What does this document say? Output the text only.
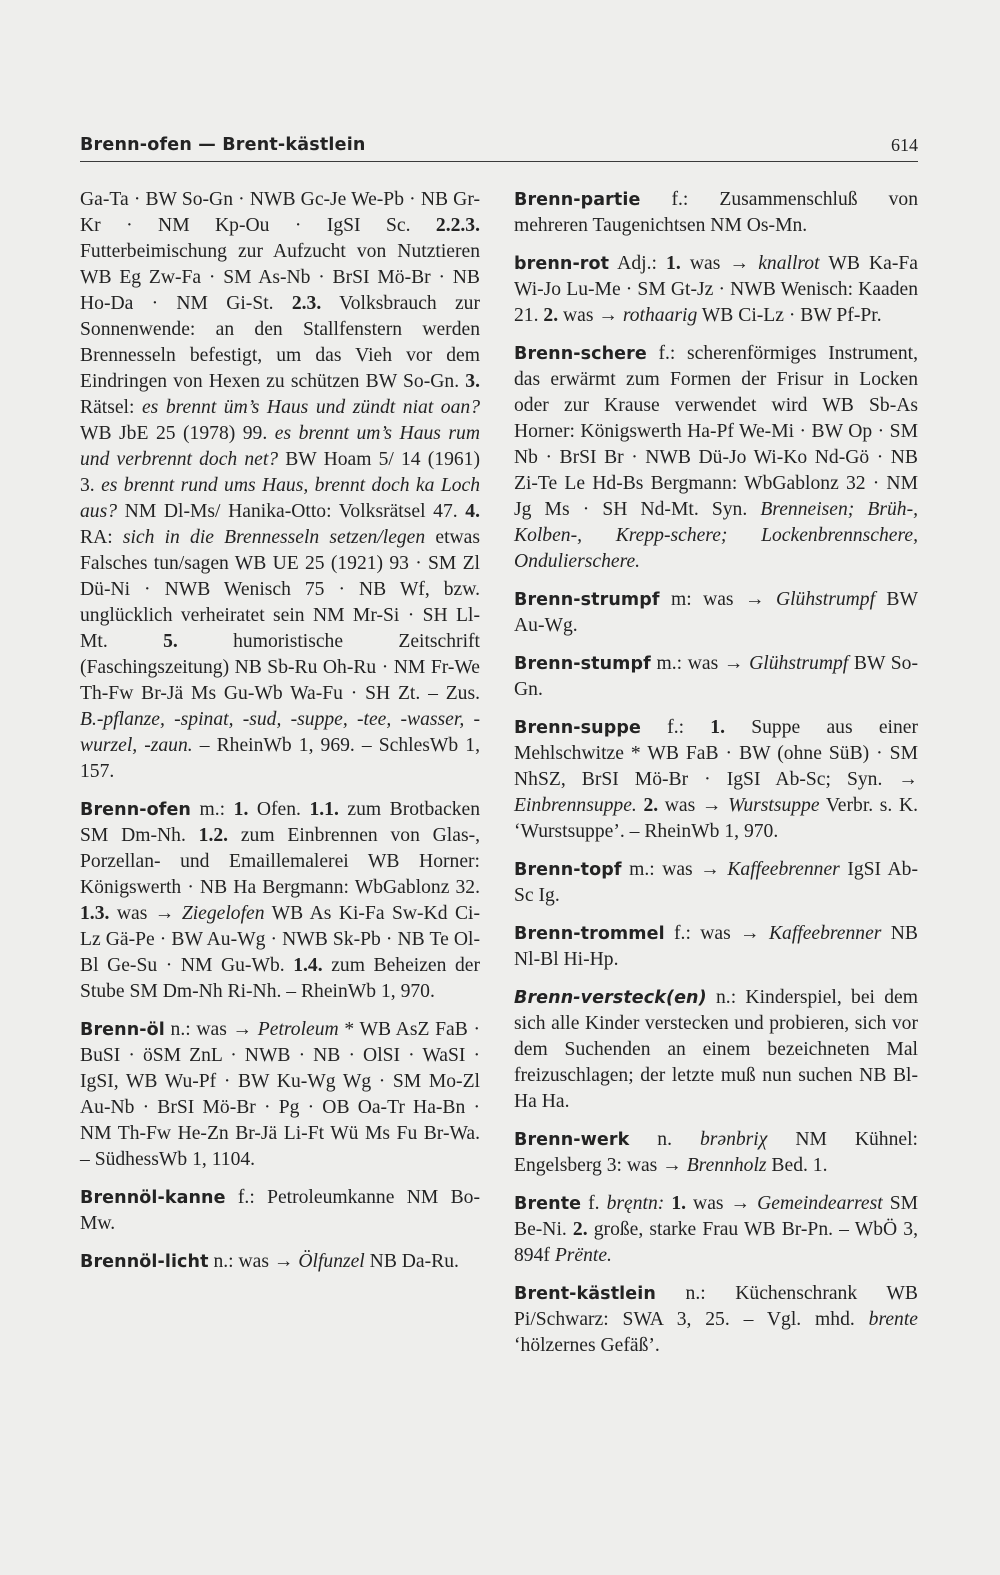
Brenn-ofen — Brent-kästlein	614

Ga-Ta · BW So-Gn · NWB Gc-Je We-Pb · NB Gr-Kr · NM Kp-Ou · IgSI Sc. 2.2.3. Futterbeimischung zur Aufzucht von Nutztieren WB Eg Zw-Fa · SM As-Nb · BrSI Mö-Br · NB Ho-Da · NM Gi-St. 2.3. Volksbrauch zur Sonnenwende: an den Stallfenstern werden Brennesseln befestigt, um das Vieh vor dem Eindringen von Hexen zu schützen BW So-Gn. 3. Rätsel: es brennt üm’s Haus und zündt niat oan? WB JbE 25 (1978) 99. es brennt um’s Haus rum und verbrennt doch net? BW Hoam 5/ 14 (1961) 3. es brennt rund ums Haus, brennt doch ka Loch aus? NM Dl-Ms/ Hanika-Otto: Volksrätsel 47. 4. RA: sich in die Brennesseln setzen/legen etwas Falsches tun/sagen WB UE 25 (1921) 93 · SM Zl Dü-Ni · NWB Wenisch 75 · NB Wf, bzw. unglücklich verheiratet sein NM Mr-Si · SH Ll-Mt. 5. humoristische Zeitschrift (Faschingszeitung) NB Sb-Ru Oh-Ru · NM Fr-We Th-Fw Br-Jä Ms Gu-Wb Wa-Fu · SH Zt. – Zus. B.-pflanze, -spinat, -sud, -suppe, -tee, -wasser, -wurzel, -zaun. – RheinWb 1, 969. – SchlesWb 1, 157.

Brenn-ofen m.: 1. Ofen. 1.1. zum Brotbacken SM Dm-Nh. 1.2. zum Einbrennen von Glas-, Porzellan- und Emaillemalerei WB Horner: Königswerth · NB Ha Bergmann: WbGablonz 32. 1.3. was → Ziegelofen WB As Ki-Fa Sw-Kd Ci-Lz Gä-Pe · BW Au-Wg · NWB Sk-Pb · NB Te Ol-Bl Ge-Su · NM Gu-Wb. 1.4. zum Beheizen der Stube SM Dm-Nh Ri-Nh. – RheinWb 1, 970.

Brenn-öl n.: was → Petroleum * WB AsZ FaB · BuSI · öSM ZnL · NWB · NB · OlSI · WaSI · IgSI, WB Wu-Pf · BW Ku-Wg Wg · SM Mo-Zl Au-Nb · BrSI Mö-Br · Pg · OB Oa-Tr Ha-Bn · NM Th-Fw He-Zn Br-Jä Li-Ft Wü Ms Fu Br-Wa. – SüdhessWb 1, 1104.

Brennöl-kanne f.: Petroleumkanne NM Bo-Mw.

Brennöl-licht n.: was → Ölfunzel NB Da-Ru.

Brenn-partie f.: Zusammenschluß von mehreren Taugenichtsen NM Os-Mn.

brenn-rot Adj.: 1. was → knallrot WB Ka-Fa Wi-Jo Lu-Me · SM Gt-Jz · NWB Wenisch: Kaaden 21. 2. was → rothaarig WB Ci-Lz · BW Pf-Pr.

Brenn-schere f.: scherenförmiges Instrument, das erwärmt zum Formen der Frisur in Locken oder zur Krause verwendet wird WB Sb-As Horner: Königswerth Ha-Pf We-Mi · BW Op · SM Nb · BrSI Br · NWB Dü-Jo Wi-Ko Nd-Gö · NB Zi-Te Le Hd-Bs Bergmann: WbGablonz 32 · NM Jg Ms · SH Nd-Mt. Syn. Brenneisen; Brüh-, Kolben-, Krepp-schere; Lockenbrennschere, Ondulierschere.

Brenn-strumpf m: was → Glühstrumpf BW Au-Wg.

Brenn-stumpf m.: was → Glühstrumpf BW So-Gn.

Brenn-suppe f.: 1. Suppe aus einer Mehlschwitze * WB FaB · BW (ohne SüB) · SM NhSZ, BrSI Mö-Br · IgSI Ab-Sc; Syn. → Einbrennsuppe. 2. was → Wurstsuppe Verbr. s. K. ‘Wurstsuppe’. – RheinWb 1, 970.

Brenn-topf m.: was → Kaffeebrenner IgSI Ab-Sc Ig.

Brenn-trommel f.: was → Kaffeebrenner NB Nl-Bl Hi-Hp.

Brenn-versteck(en) n.: Kinderspiel, bei dem sich alle Kinder verstecken und probieren, sich vor dem Suchenden an einem bezeichneten Mal freizuschlagen; der letzte muß nun suchen NB Bl-Ha Ha.

Brenn-werk n. brənbriχ NM Kühnel: Engelsberg 3: was → Brennholz Bed. 1.

Brente f. bręntn: 1. was → Gemeindearrest SM Be-Ni. 2. große, starke Frau WB Br-Pn. – WbÖ 3, 894f Prënte.

Brent-kästlein n.: Küchenschrank WB Pi/Schwarz: SWA 3, 25. – Vgl. mhd. brente ‘hölzernes Gefäß’.
